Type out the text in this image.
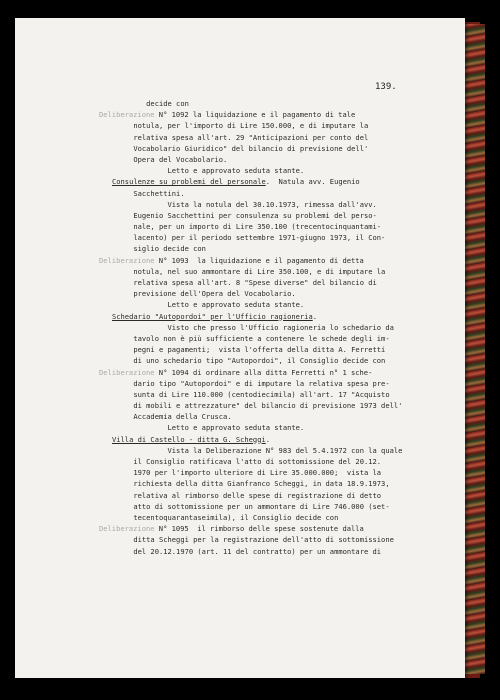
139.
decide con
Deliberazione N° 1092 la liquidazione e il pagamento di tale
notula, per l'importo di Lire 150.000, e di imputare la
relativa spesa all'art. 29 "Anticipazioni per conto del
Vocabolario Giuridico" del bilancio di previsione dell'
Opera del Vocabolario.
Letto e approvato seduta stante.
Consulenze su problemi del personale.  Natula avv. Eugenio
Sacchettini.
Vista la notula del 30.10.1973, rimessa dall'avv.
Eugenio Sacchettini per consulenza su problemi del perso-
nale, per un importo di Lire 350.100 (trecentocinquantami-
lacento) per il periodo settembre 1971-giugno 1973, il Con-
siglio decide con
Deliberazione N° 1093  la liquidazione e il pagamento di detta
notula, nel suo ammontare di Lire 350.100, e di imputare la
relativa spesa all'art. 8 "Spese diverse" del bilancio di
previsione dell'Opera del Vocabolario.
Letto e approvato seduta stante.
Schedario "Autopordoi" per l'Ufficio ragioneria.
Visto che presso l'Ufficio ragioneria lo schedario da
tavolo non è più sufficiente a contenere le schede degli im-
pegni e pagamenti;  vista l'offerta della ditta A. Ferretti
di uno schedario tipo "Autopordoi", il Consiglio decide con
Deliberazione N° 1094 di ordinare alla ditta Ferretti n° 1 sche-
dario tipo "Autopordoi" e di imputare la relativa spesa pre-
sunta di Lire 110.000 (centodiecimila) all'art. 17 "Acquisto
di mobili e attrezzature" del bilancio di previsione 1973 dell'
Accademia della Crusca.
Letto e approvato seduta stante.
Villa di Castello - ditta G. Scheggi.
Vista la Deliberazione N° 983 del 5.4.1972 con la quale
il Consiglio ratificava l'atto di sottomissione del 20.12.
1970 per l'importo ulteriore di Lire 35.000.000;  vista la
richiesta della ditta Gianfranco Scheggi, in data 18.9.1973,
relativa al rimborso delle spese di registrazione di detto
atto di sottomissione per un ammontare di Lire 746.000 (set-
tecentoquarantaseimila), il Consiglio decide con
Deliberazione N° 1095  il rimborso delle spese sostenute dalla
ditta Scheggi per la registrazione dell'atto di sottomissione
del 20.12.1970 (art. 11 del contratto) per un ammontare di
